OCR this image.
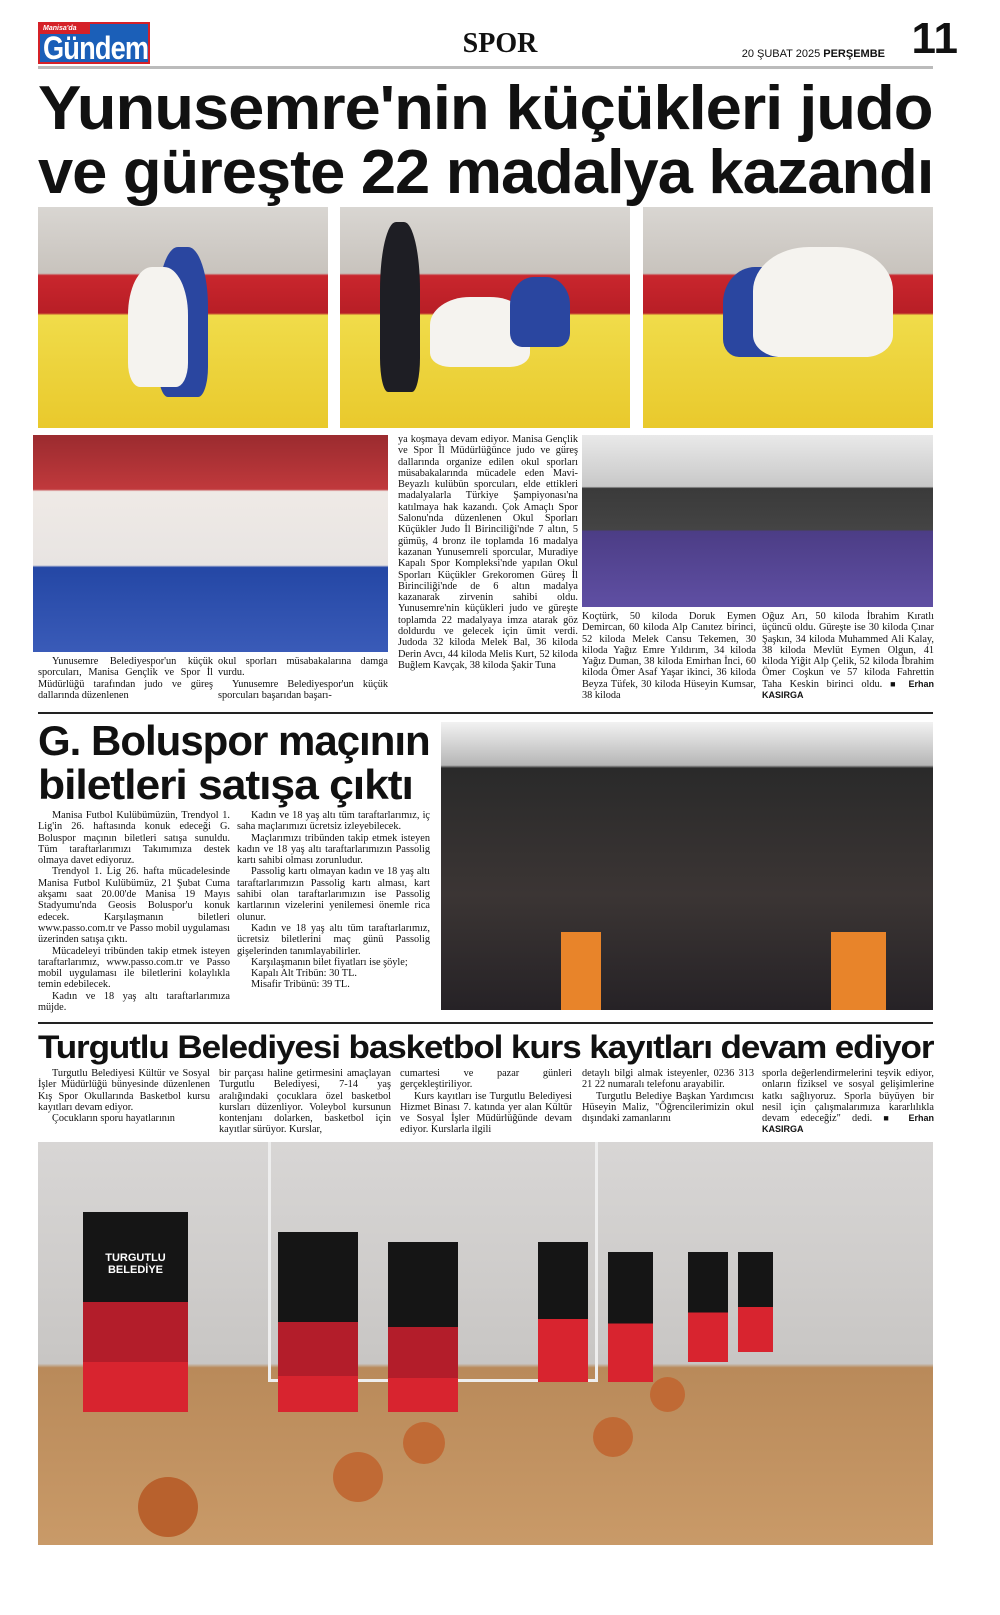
Manisa'da
Gündem	SPOR	20 ŞUBAT 2025 PERŞEMBE 11
Yunusemre'nin küçükleri judo
ve güreşte 22 madalya kazandı

Yunusemre Belediyespor'un küçük sporcuları, Manisa Gençlik ve Spor İl Müdürlüğü tarafından judo ve güreş dallarında düzenlenen

okul sporları müsabakalarına damga vurdu.

Yunusemre Belediyespor'un küçük sporcuları başarıdan başarı-

ya koşmaya devam ediyor. Manisa Gençlik ve Spor İl Müdürlüğünce judo ve güreş dallarında organize edilen okul sporları müsabakalarında mücadele eden Mavi-Beyazlı kulübün sporcuları, elde ettikleri madalyalarla Türkiye Şampiyonası'na katılmaya hak kazandı. Çok Amaçlı Spor Salonu'nda düzenlenen Okul Sporları Küçükler Judo İl Birinciliği'nde 7 altın, 5 gümüş, 4 bronz ile toplamda 16 madalya kazanan Yunusemreli sporcular, Muradiye Kapalı Spor Kompleksi'nde yapılan Okul Sporları Küçükler Grekoromen Güreş İl Birinciliği'nde de 6 altın madalya kazanarak zirvenin sahibi oldu. Yunusemre'nin küçükleri judo ve güreşte toplamda 22 madalyaya imza atarak göz doldurdu ve gelecek için ümit verdi. Judoda 32 kiloda Melek Bal, 36 kiloda Derin Avcı, 44 kiloda Melis Kurt, 52 kiloda Buğlem Kavçak, 38 kiloda Şakir Tuna

Koçtürk, 50 kiloda Doruk Eymen Demircan, 60 kiloda Alp Canıtez birinci, 52 kiloda Melek Cansu Tekemen, 30 kiloda Yağız Emre Yıldırım, 34 kiloda Yağız Duman, 38 kiloda Emirhan İnci, 60 kiloda Ömer Asaf Yaşar ikinci, 36 kiloda Beyza Tüfek, 30 kiloda Hüseyin Kumsar, 38 kiloda

Oğuz Arı, 50 kiloda İbrahim Kıratlı üçüncü oldu. Güreşte ise 30 kiloda Çınar Şaşkın, 34 kiloda Muhammed Ali Kalay, 38 kiloda Mevlüt Eymen Olgun, 41 kiloda Yiğit Alp Çelik, 52 kiloda İbrahim Ömer Coşkun ve 57 kiloda Fahrettin Taha Keskin birinci oldu. ■ Erhan KASIRGA

G. Boluspor maçının
biletleri satışa çıktı

Manisa Futbol Kulübümüzün, Trendyol 1. Lig'in 26. haftasında konuk edeceği G. Boluspor maçının biletleri satışa sunuldu. Tüm taraftarlarımızı Takımımıza destek olmaya davet ediyoruz.

Trendyol 1. Lig 26. hafta mücadelesinde Manisa Futbol Kulübümüz, 21 Şubat Cuma akşamı saat 20.00'de Manisa 19 Mayıs Stadyumu'nda Geosis Boluspor'u konuk edecek. Karşılaşmanın biletleri www.passo.com.tr ve Passo mobil uygulaması üzerinden satışa çıktı.

Mücadeleyi tribünden takip etmek isteyen taraftarlarımız, www.passo.com.tr ve Passo mobil uygulaması ile biletlerini kolaylıkla temin edebilecek.

Kadın ve 18 yaş altı taraftarlarımıza müjde.

Kadın ve 18 yaş altı tüm taraftarlarımız, iç saha maçlarımızı ücretsiz izleyebilecek.

Maçlarımızı tribünden takip etmek isteyen kadın ve 18 yaş altı taraftarlarımızın Passolig kartı sahibi olması zorunludur.

Passolig kartı olmayan kadın ve 18 yaş altı taraftarlarımızın Passolig kartı alması, kart sahibi olan taraftarlarımızın ise Passolig kartlarının vizelerini yenilemesi önemle rica olunur.

Kadın ve 18 yaş altı tüm taraftarlarımız, ücretsiz biletlerini maç günü Passolig gişelerinden tanımlayabilirler.

Karşılaşmanın bilet fiyatları ise şöyle;

Kapalı Alt Tribün: 30 TL.

Misafir Tribünü: 39 TL.

Turgutlu Belediyesi basketbol kurs kayıtları devam ediyor

Turgutlu Belediyesi Kültür ve Sosyal İşler Müdürlüğü bünyesinde düzenlenen Kış Spor Okullarında Basketbol kursu kayıtları devam ediyor.

Çocukların sporu hayatlarının

bir parçası haline getirmesini amaçlayan Turgutlu Belediyesi, 7-14 yaş aralığındaki çocuklara özel basketbol kursları düzenliyor. Voleybol kursunun kontenjanı dolarken, basketbol için kayıtlar sürüyor. Kurslar,

cumartesi ve pazar günleri gerçekleştiriliyor.

Kurs kayıtları ise Turgutlu Belediyesi Hizmet Binası 7. katında yer alan Kültür ve Sosyal İşler Müdürlüğünde devam ediyor. Kurslarla ilgili

detaylı bilgi almak isteyenler, 0236 313 21 22 numaralı telefonu arayabilir.

Turgutlu Belediye Başkan Yardımcısı Hüseyin Maliz, "Öğrencilerimizin okul dışındaki zamanlarını

sporla değerlendirmelerini teşvik ediyor, onların fiziksel ve sosyal gelişimlerine katkı sağlıyoruz. Sporla büyüyen bir nesil için çalışmalarımıza kararlılıkla devam edeceğiz" dedi. ■ Erhan KASIRGA

TURGUTLU BELEDİYE
